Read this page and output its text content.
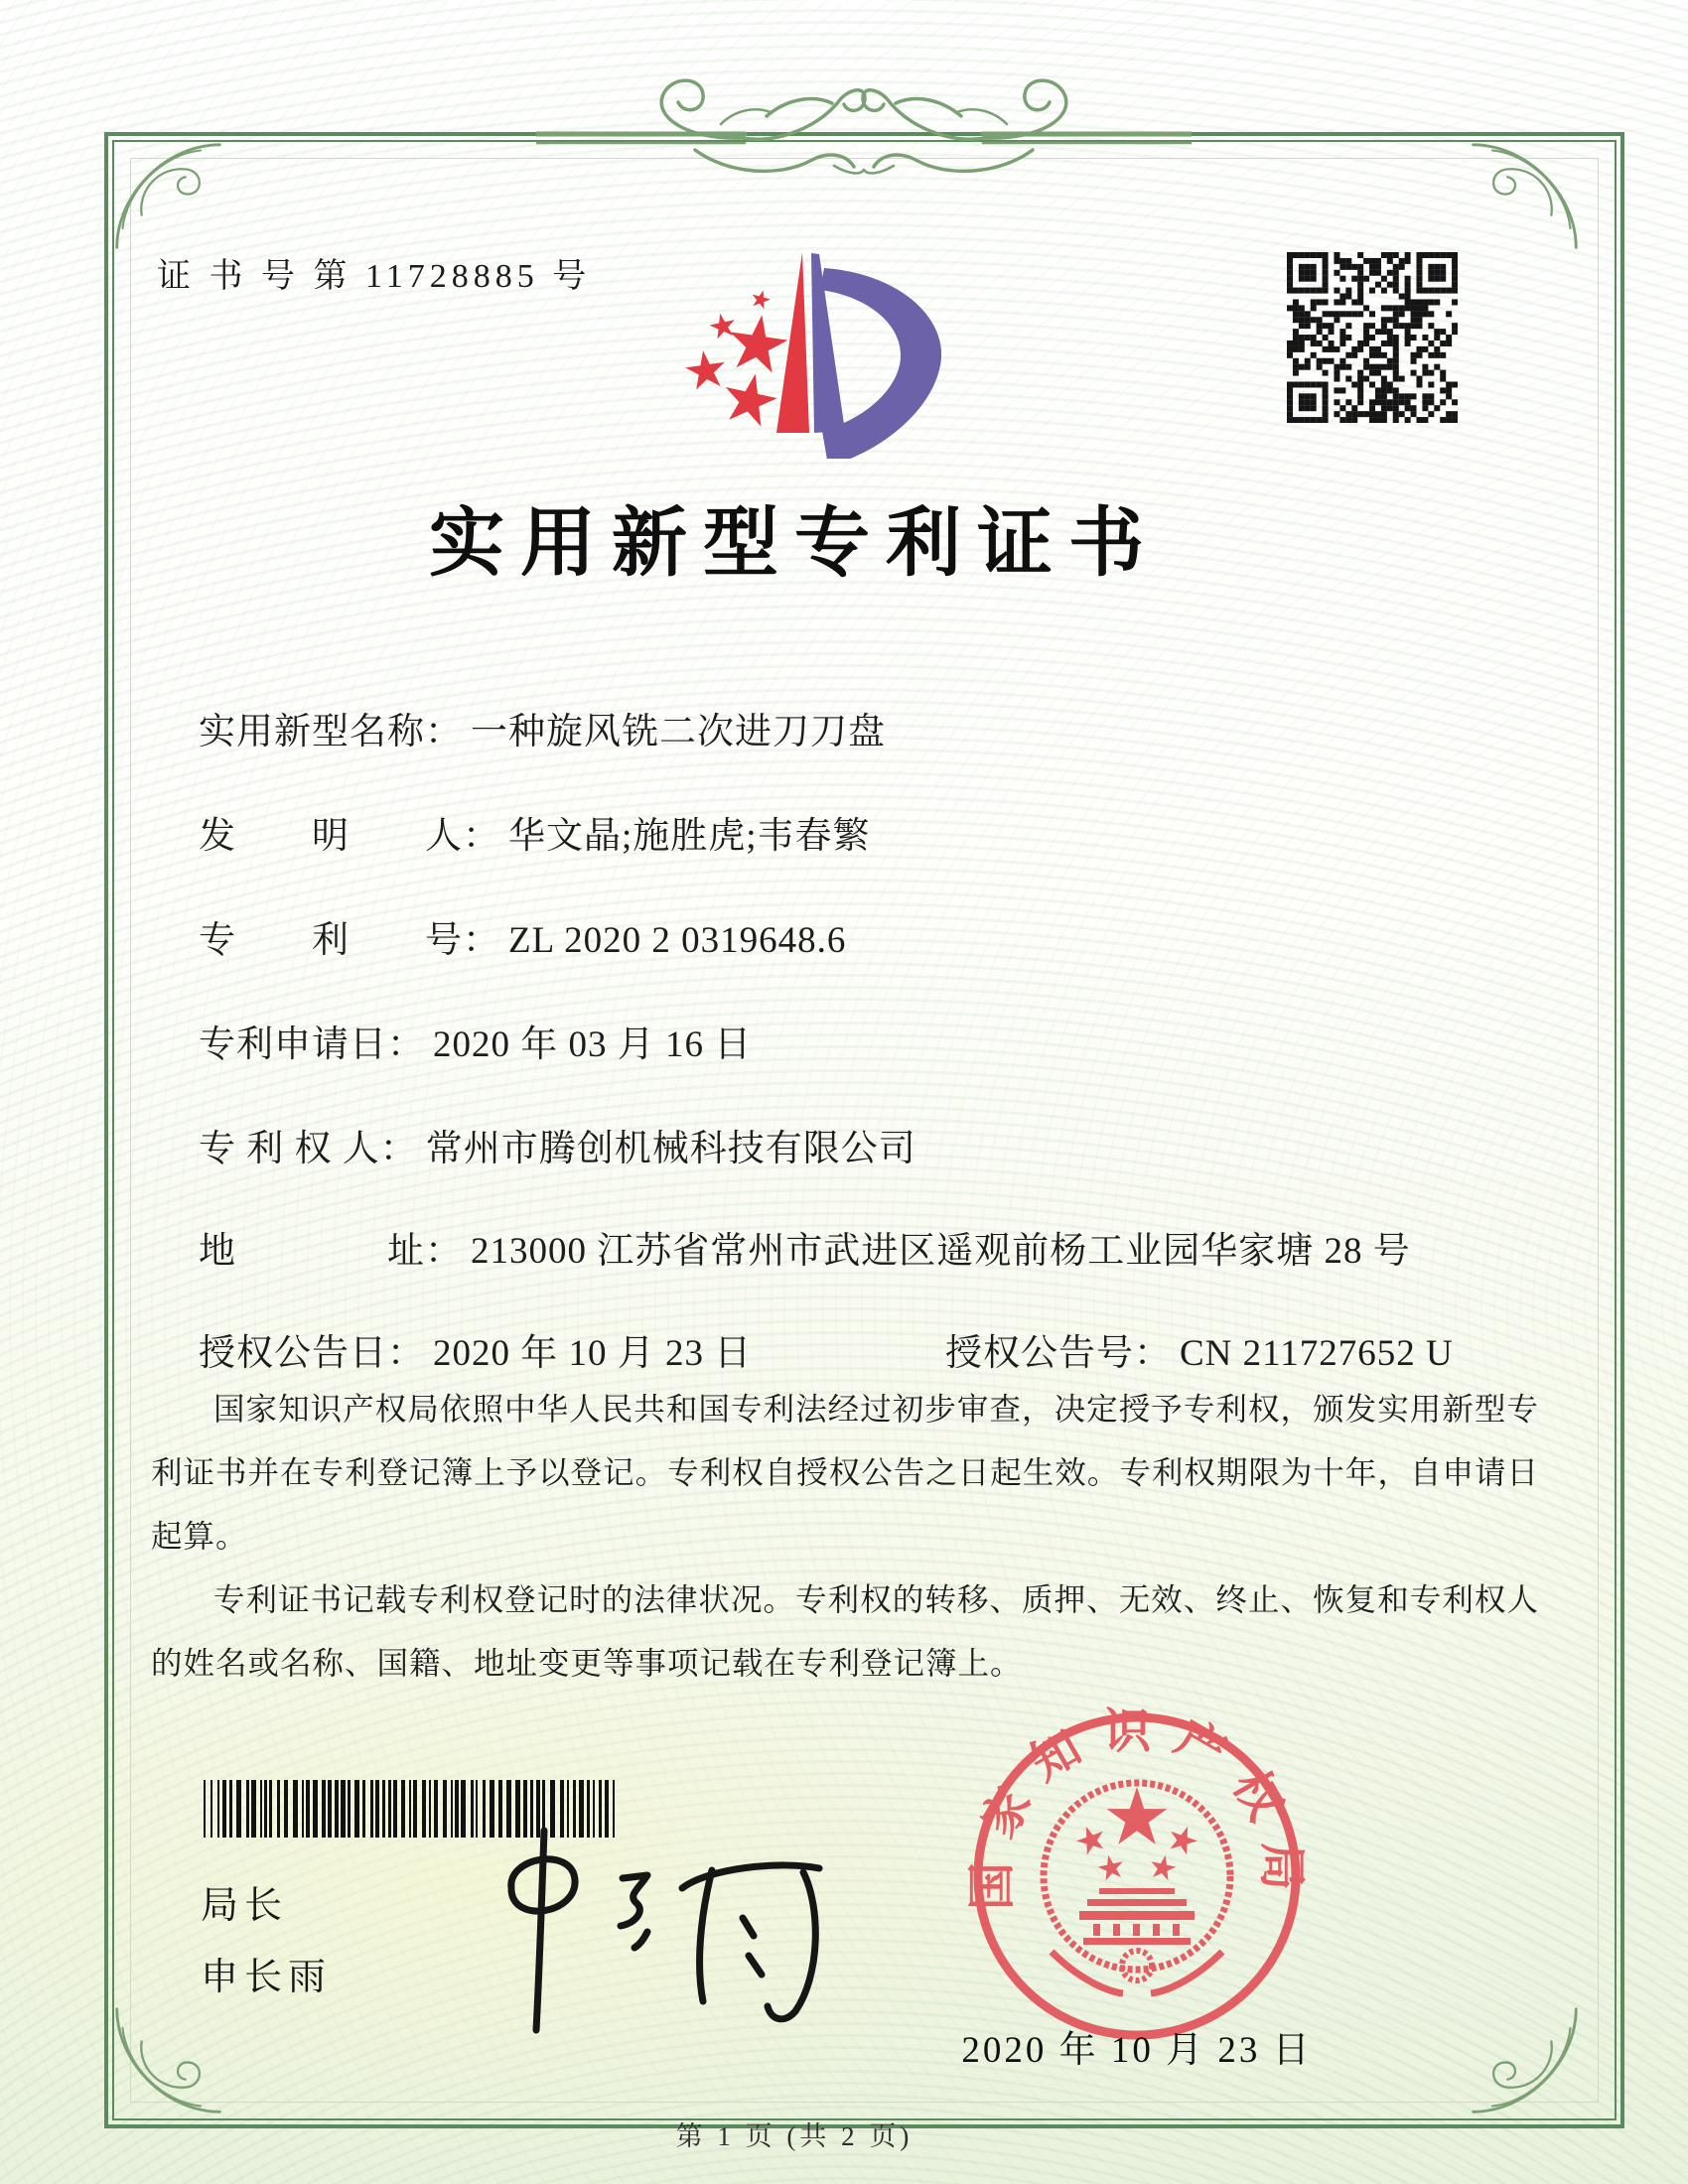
证 书 号 第 11728885 号
实用新型专利证书
实用新型名称： 一种旋风铣二次进刀刀盘
发　　明　　人： 华文晶;施胜虎;韦春繁
专　　利　　号： ZL 2020 2 0319648.6
专利申请日： 2020 年 03 月 16 日
专 利 权 人： 常州市腾创机械科技有限公司
地　　　　址： 213000 江苏省常州市武进区遥观前杨工业园华家塘 28 号
授权公告日： 2020 年 10 月 23 日	授权公告号： CN 211727652 U

国家知识产权局依照中华人民共和国专利法经过初步审查，决定授予专利权，颁发实用新型专利证书并在专利登记簿上予以登记。专利权自授权公告之日起生效。专利权期限为十年，自申请日起算。

专利证书记载专利权登记时的法律状况。专利权的转移、质押、无效、终止、恢复和专利权人的姓名或名称、国籍、地址变更等事项记载在专利登记簿上。

局长
申长雨
国家知识产权局
2020 年 10 月 23 日
第 1 页 (共 2 页)
